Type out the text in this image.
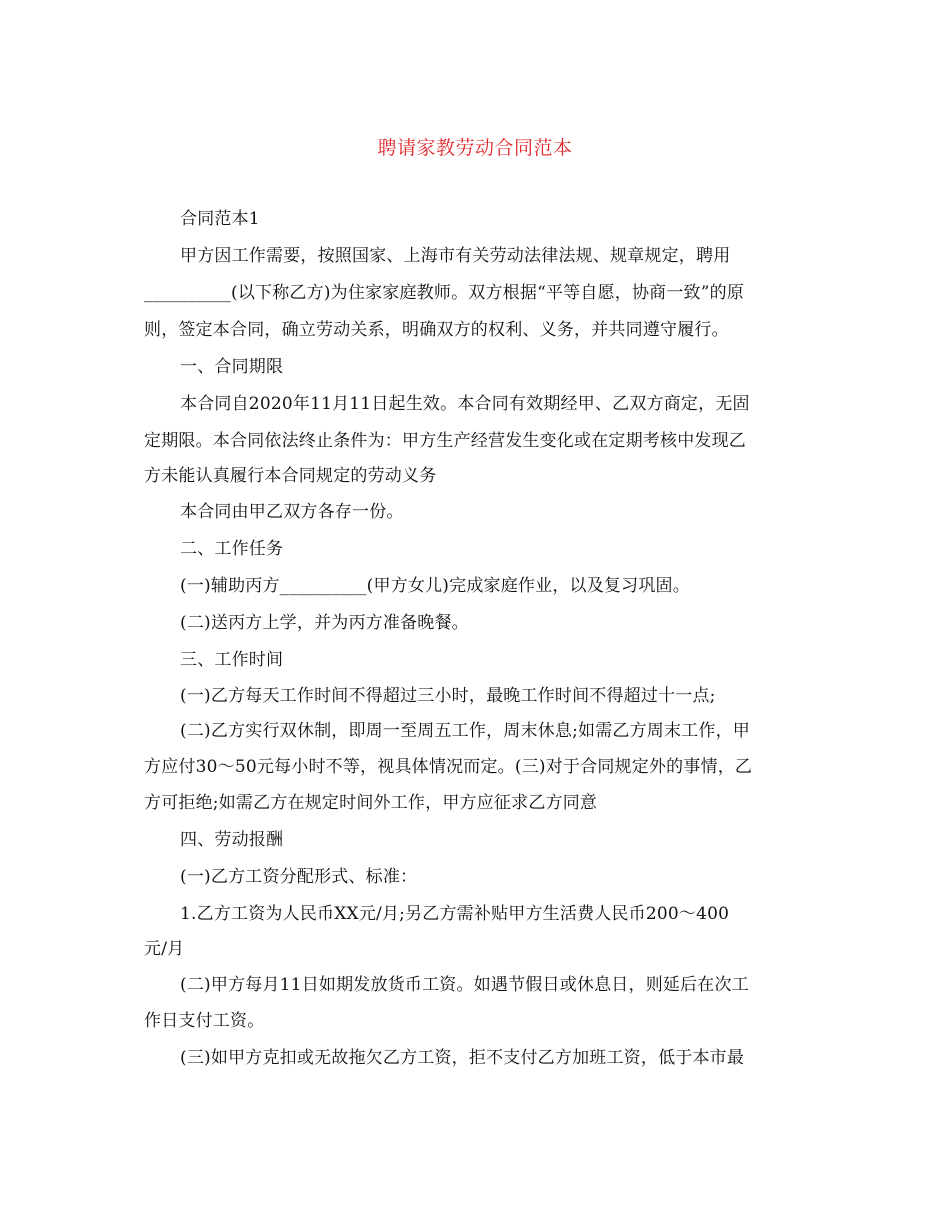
聘请家教劳动合同范本
合同范本1
甲方因工作需要，按照国家、上海市有关劳动法律法规、规章规定，聘用
__________(以下称乙方)为住家家庭教师。双方根据“平等自愿，协商一致”的原
则，签定本合同，确立劳动关系，明确双方的权利、义务，并共同遵守履行。
一、合同期限
本合同自2020年11月11日起生效。本合同有效期经甲、乙双方商定，无固
定期限。本合同依法终止条件为：甲方生产经营发生变化或在定期考核中发现乙
方未能认真履行本合同规定的劳动义务
本合同由甲乙双方各存一份。
二、工作任务
(一)辅助丙方__________(甲方女儿)完成家庭作业，以及复习巩固。
(二)送丙方上学，并为丙方准备晚餐。
三、工作时间
(一)乙方每天工作时间不得超过三小时，最晚工作时间不得超过十一点;
(二)乙方实行双休制，即周一至周五工作，周末休息;如需乙方周末工作，甲
方应付30～50元每小时不等，视具体情况而定。(三)对于合同规定外的事情，乙
方可拒绝;如需乙方在规定时间外工作，甲方应征求乙方同意
四、劳动报酬
(一)乙方工资分配形式、标准：
1.乙方工资为人民币XX元/月;另乙方需补贴甲方生活费人民币200～400
元/月
(二)甲方每月11日如期发放货币工资。如遇节假日或休息日，则延后在次工
作日支付工资。
(三)如甲方克扣或无故拖欠乙方工资，拒不支付乙方加班工资，低于本市最
